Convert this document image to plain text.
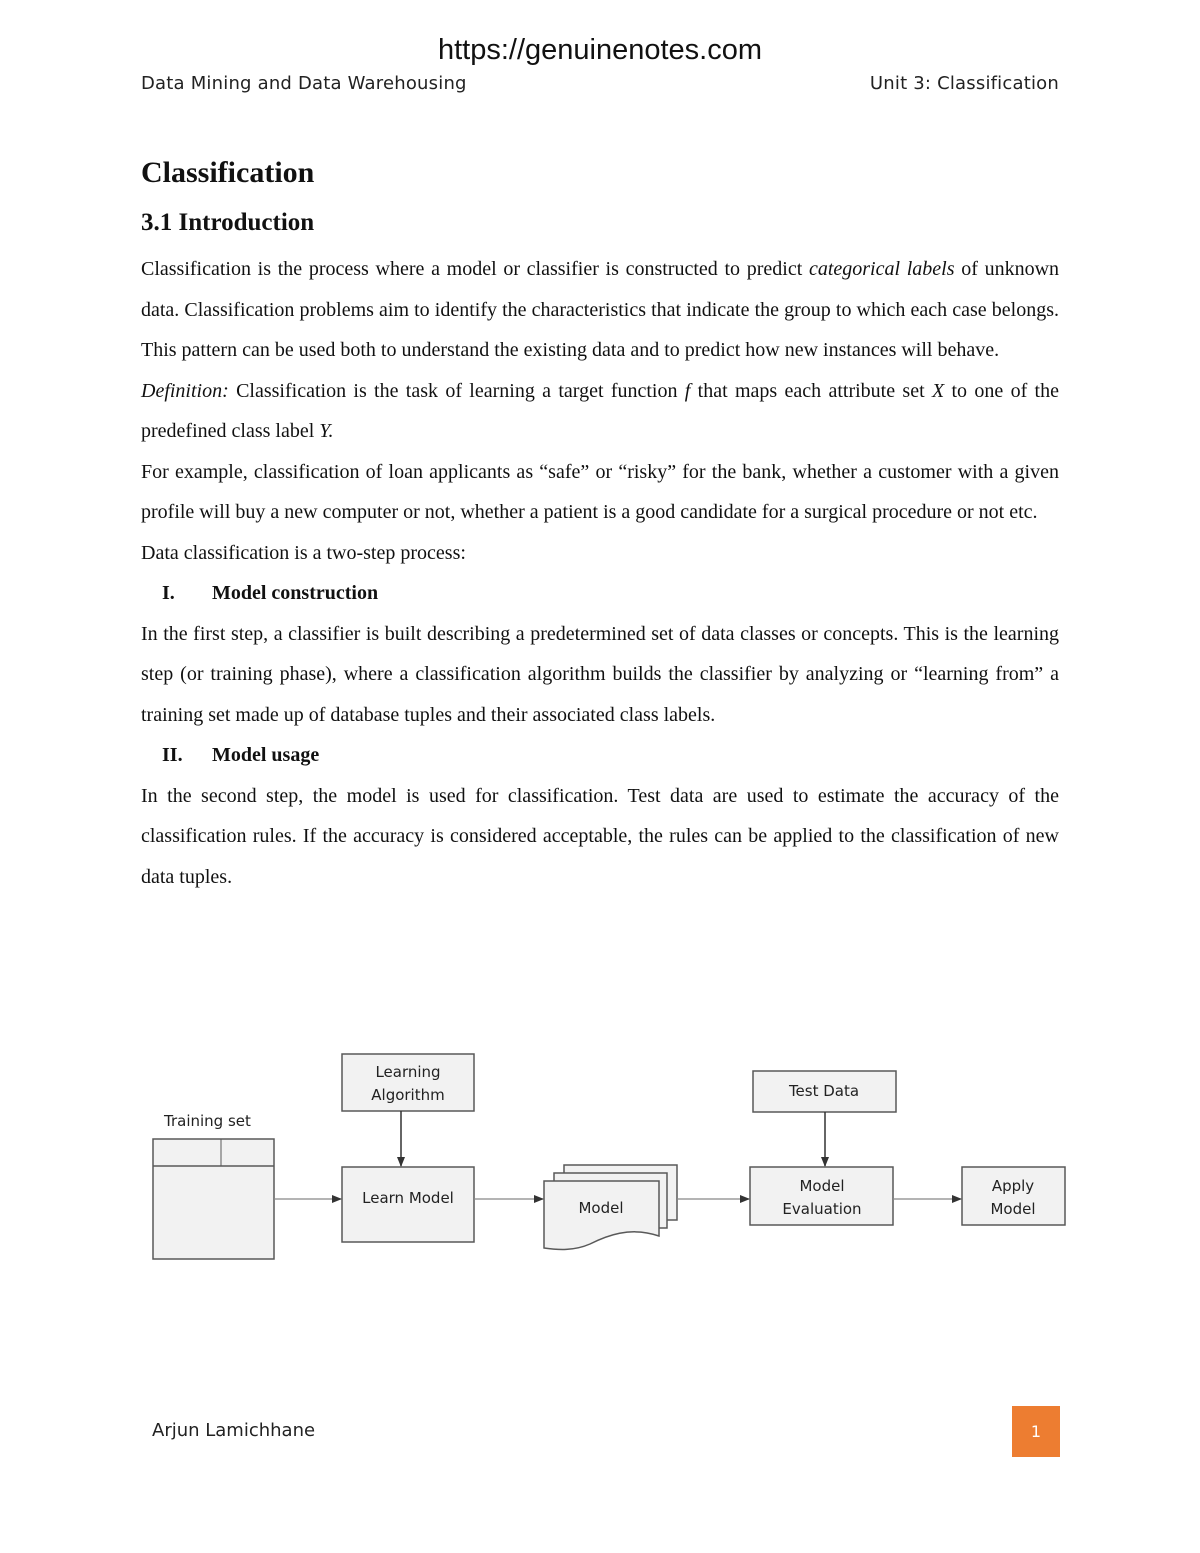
https://genuinenotes.com
Data Mining and Data Warehousing	Unit 3: Classification
Classification
3.1 Introduction

Classification is the process where a model or classifier is constructed to predict categorical labels of unknown data. Classification problems aim to identify the characteristics that indicate the group to which each case belongs. This pattern can be used both to understand the existing data and to predict how new instances will behave.

Definition: Classification is the task of learning a target function f that maps each attribute set X to one of the predefined class label Y.

For example, classification of loan applicants as “safe” or “risky” for the bank, whether a customer with a given profile will buy a new computer or not, whether a patient is a good candidate for a surgical procedure or not etc.

Data classification is a two-step process:

I. Model construction

In the first step, a classifier is built describing a predetermined set of data classes or concepts. This is the learning step (or training phase), where a classification algorithm builds the classifier by analyzing or “learning from” a training set made up of database tuples and their associated class labels.

II. Model usage

In the second step, the model is used for classification. Test data are used to estimate the accuracy of the classification rules. If the accuracy is considered acceptable, the rules can be applied to the classification of new data tuples.

Training set
Learning
Algorithm
Learn Model
Model
Test Data
Model
Evaluation
Apply
Model
Arjun Lamichhane	1
